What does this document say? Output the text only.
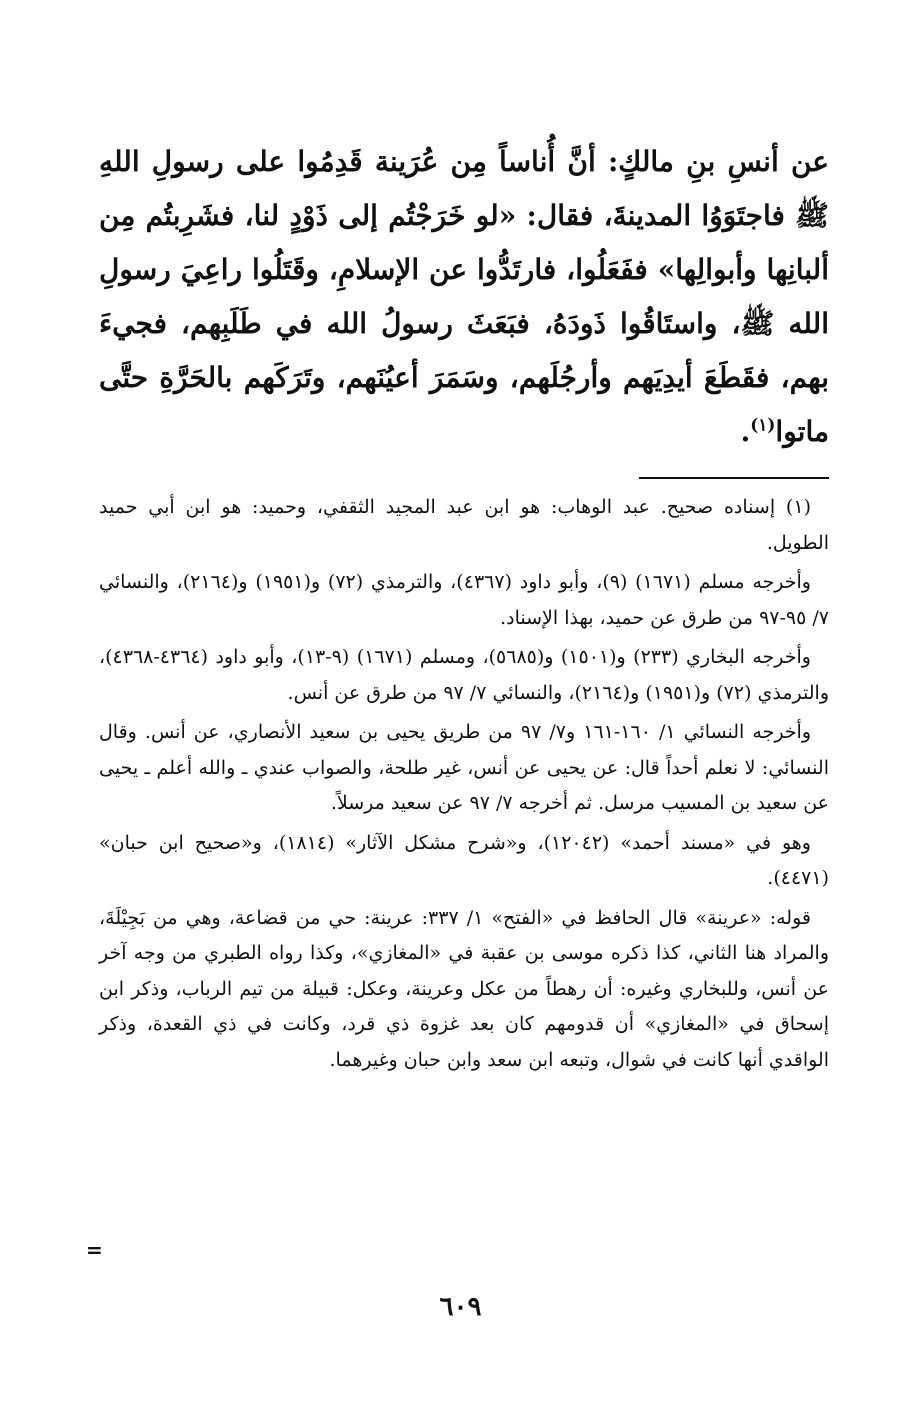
عن أنسِ بنِ مالكٍ: أنَّ أُناساً مِن عُرَينة قَدِمُوا على رسولِ اللهِ ﷺ فاجتَوَوُا المدينةَ، فقال: «لو خَرَجْتُم إلى ذَوْدٍ لنا، فشَرِبتُم مِن ألبانِها وأبوالِها» ففَعَلُوا، فارتَدُّوا عن الإسلامِ، وقَتَلُوا راعِيَ رسولِ الله ﷺ، واستَاقُوا ذَودَهُ، فبَعَثَ رسولُ الله في طَلَبِهم، فجيءَ بهم، فقَطَعَ أيدِيَهم وأرجُلَهم، وسَمَرَ أعيُنَهم، وتَرَكَهم بالحَرَّةِ حتَّى ماتوا$^{(١)}$.

(١) إسناده صحيح. عبد الوهاب: هو ابن عبد المجيد الثقفي، وحميد: هو ابن أبي حميد الطويل.

وأخرجه مسلم (١٦٧١) (٩)، وأبو داود (٤٣٦٧)، والترمذي (٧٢) و(١٩٥١) و(٢١٦٤)، والنسائي ٧/ ٩٥-٩٧ من طرق عن حميد، بهذا الإسناد.

وأخرجه البخاري (٢٣٣) و(١٥٠١) و(٥٦٨٥)، ومسلم (١٦٧١) (٩-١٣)، وأبو داود (٤٣٦٤-٤٣٦٨)، والترمذي (٧٢) و(١٩٥١) و(٢١٦٤)، والنسائي ٧/ ٩٧ من طرق عن أنس.

وأخرجه النسائي ١/ ١٦٠-١٦١ و٧/ ٩٧ من طريق يحيى بن سعيد الأنصاري، عن أنس. وقال النسائي: لا نعلم أحداً قال: عن يحيى عن أنس، غير طلحة، والصواب عندي ـ والله أعلم ـ يحيى عن سعيد بن المسيب مرسل. ثم أخرجه ٧/ ٩٧ عن سعيد مرسلاً.

وهو في «مسند أحمد» (١٢٠٤٢)، و«شرح مشكل الآثار» (١٨١٤)، و«صحيح ابن حبان» (٤٤٧١).

قوله: «عرينة» قال الحافظ في «الفتح» ١/ ٣٣٧: عرينة: حي من قضاعة، وهي من بَجِيْلَةَ، والمراد هنا الثاني، كذا ذكره موسى بن عقبة في «المغازي»، وكذا رواه الطبري من وجه آخر عن أنس، وللبخاري وغيره: أن رهطاً من عكل وعرينة، وعكل: قبيلة من تيم الرباب، وذكر ابن إسحاق في «المغازي» أن قدومهم كان بعد غزوة ذي قرد، وكانت في ذي القعدة، وذكر الواقدي أنها كانت في شوال، وتبعه ابن سعد وابن حبان وغيرهما.

=
٦٠٩
